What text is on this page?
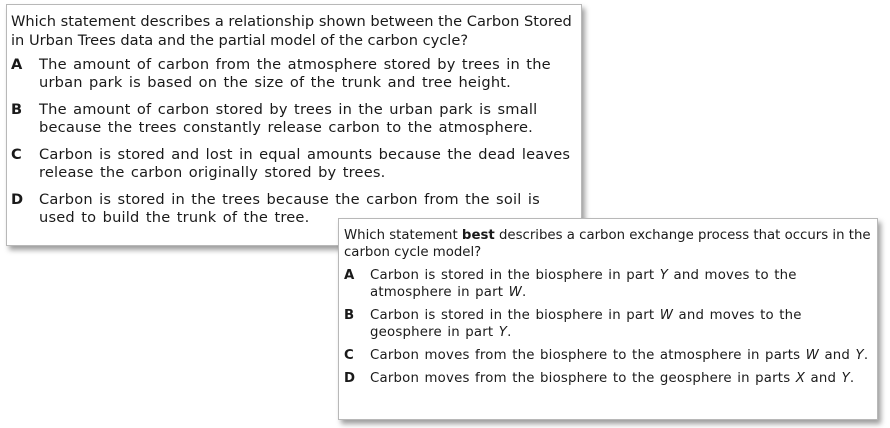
Which statement describes a relationship shown between the Carbon Stored in Urban Trees data and the partial model of the carbon cycle?

A	The amount of carbon from the atmosphere stored by trees in the urban park is based on the size of the trunk and tree height.
B	The amount of carbon stored by trees in the urban park is small because the trees constantly release carbon to the atmosphere.
C	Carbon is stored and lost in equal amounts because the dead leaves release the carbon originally stored by trees.
D	Carbon is stored in the trees because the carbon from the soil is used to build the trunk of the tree.

Which statement best describes a carbon exchange process that occurs in the carbon cycle model?

A	Carbon is stored in the biosphere in part Y and moves to the atmosphere in part W.
B	Carbon is stored in the biosphere in part W and moves to the geosphere in part Y.
C	Carbon moves from the biosphere to the atmosphere in parts W and Y.
D	Carbon moves from the biosphere to the geosphere in parts X and Y.
